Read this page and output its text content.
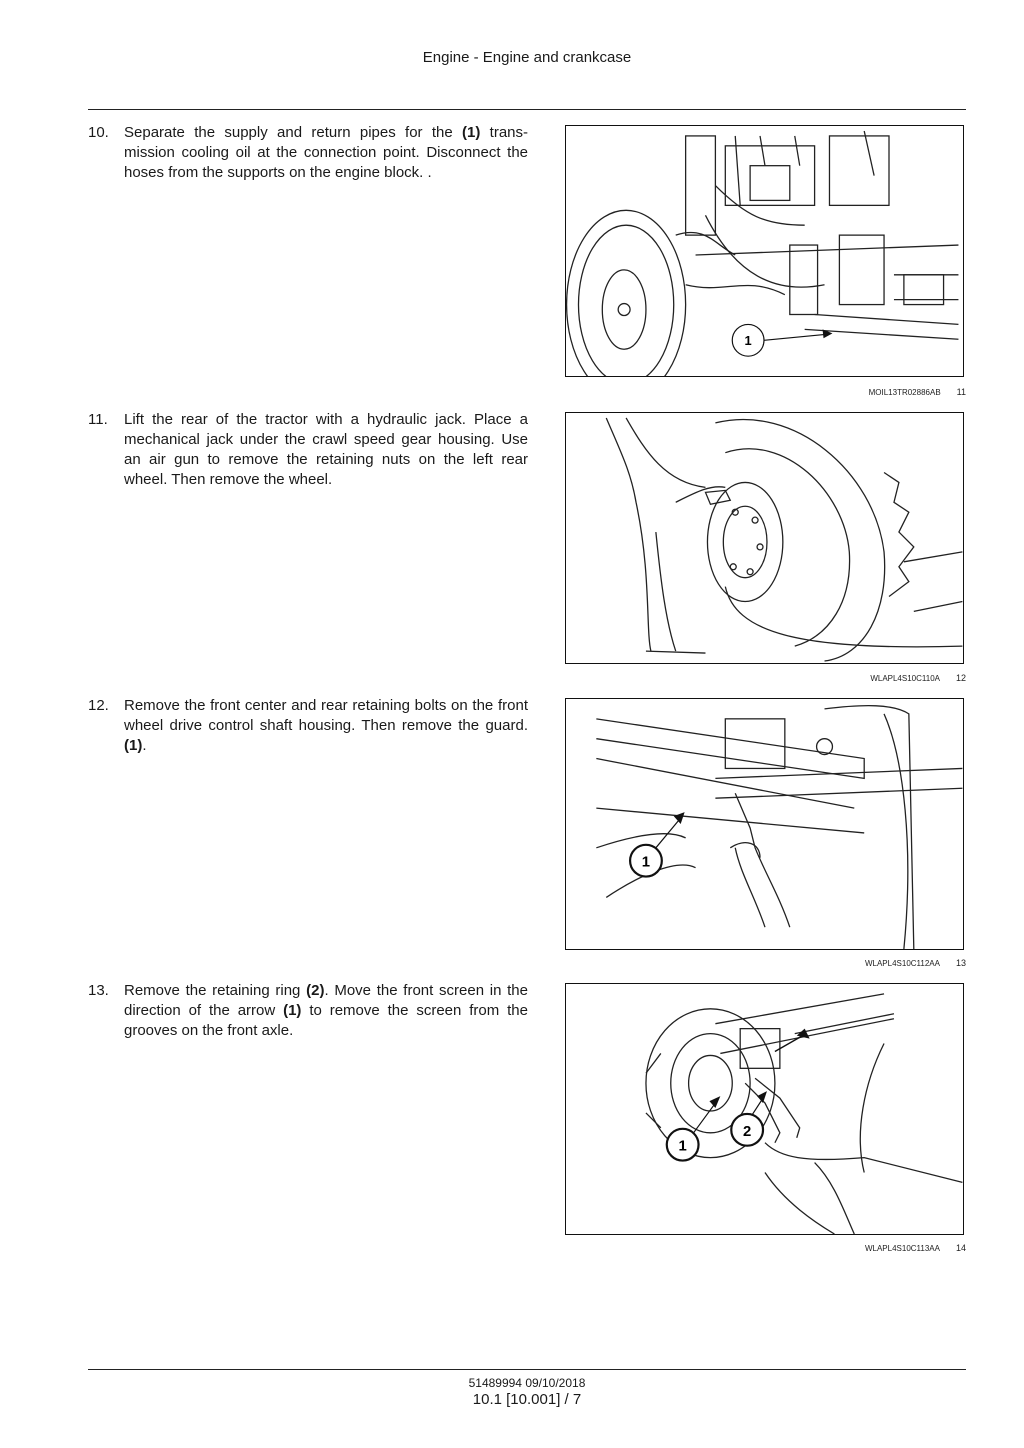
Engine - Engine and crankcase
10.	Separate the supply and return pipes for the (1) trans-mission cooling oil at the connection point. Disconnect the hoses from the supports on the engine block. .
1
MOIL13TR02886AB 11
11.	Lift the rear of the tractor with a hydraulic jack. Place a mechanical jack under the crawl speed gear housing. Use an air gun to remove the retaining nuts on the left rear wheel. Then remove the wheel.
WLAPL4S10C110A 12
12.	Remove the front center and rear retaining bolts on the front wheel drive control shaft housing. Then remove the guard. (1).
1
WLAPL4S10C112AA 13
13.	Remove the retaining ring (2). Move the front screen in the direction of the arrow (1) to remove the screen from the grooves on the front axle.
1
2
WLAPL4S10C113AA 14
51489994 09/10/2018
10.1 [10.001] / 7
